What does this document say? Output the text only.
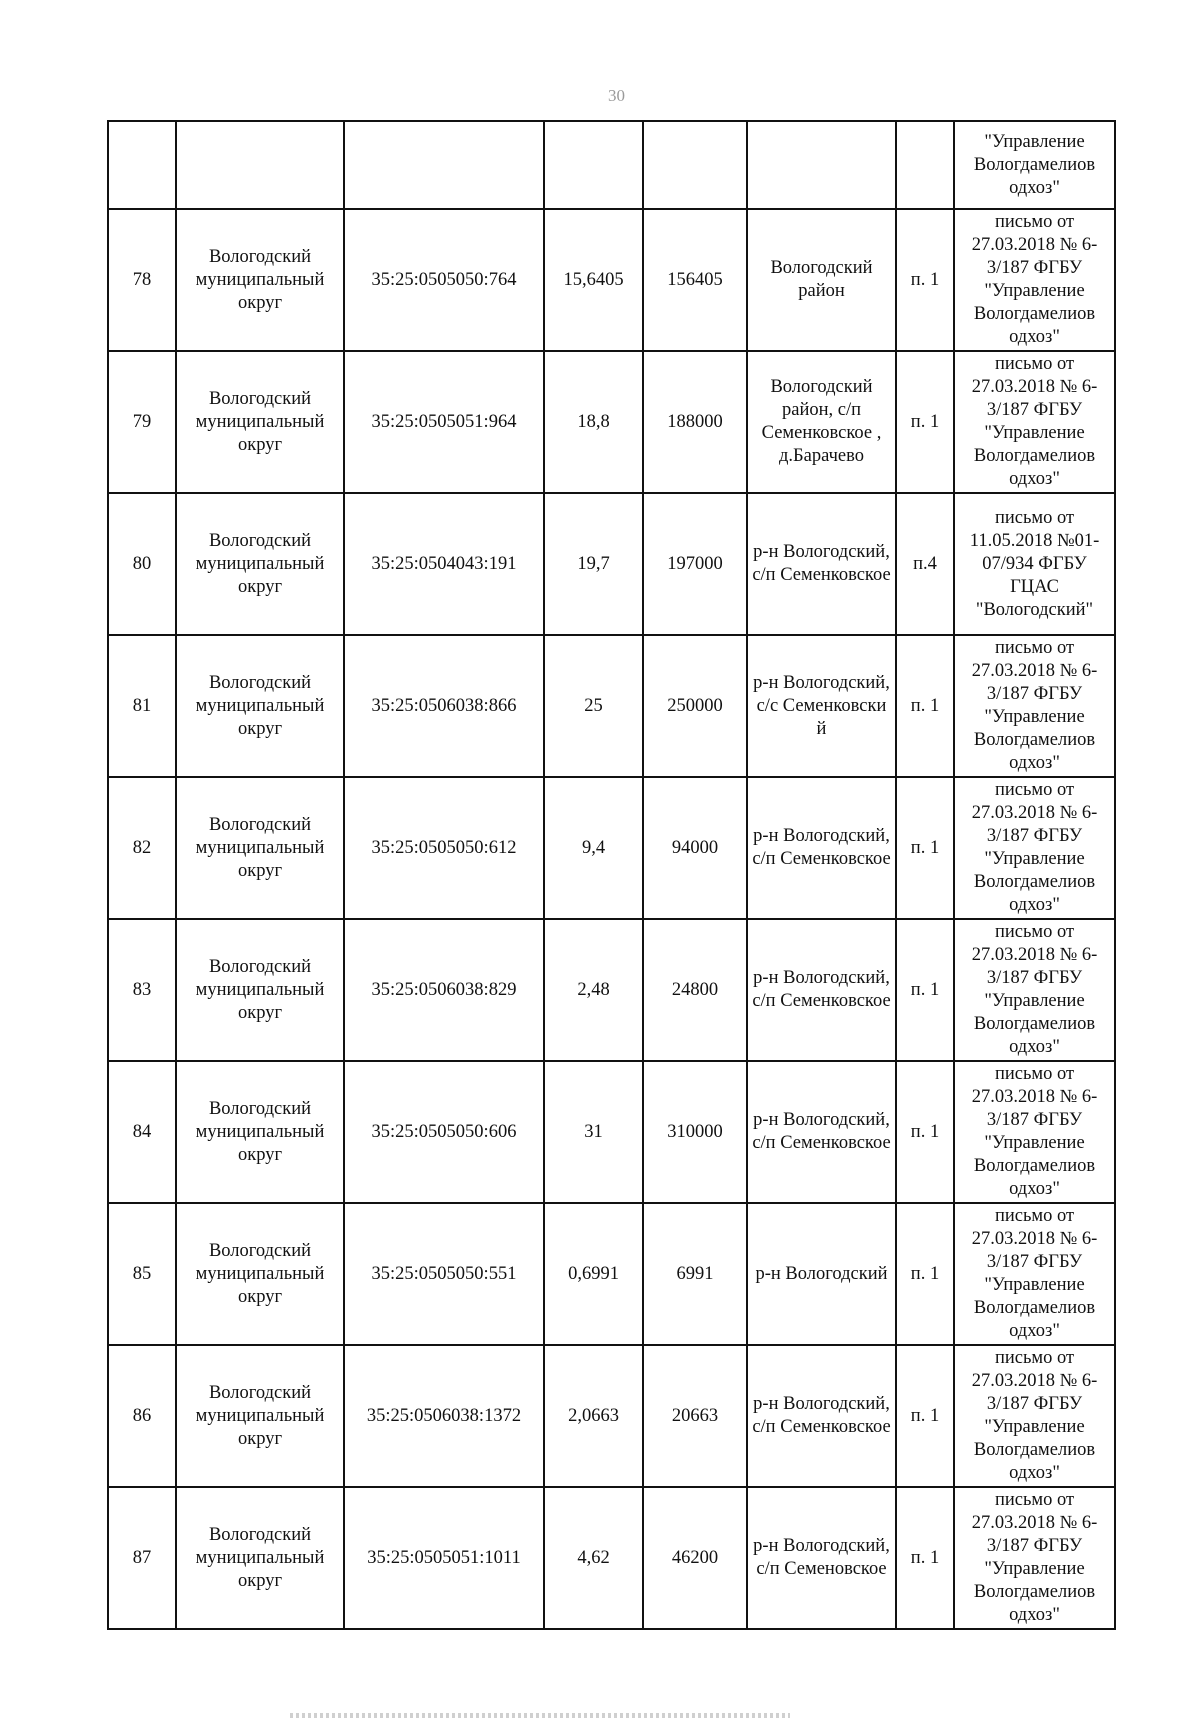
30
							"Управление Вологдамелиов одхоз"
78	Вологодский муниципальный округ	35:25:0505050:764	15,6405	156405	Вологодский район	п. 1	письмо от 27.03.2018 № 6-3/187 ФГБУ "Управление Вологдамелиов одхоз"
79	Вологодский муниципальный округ	35:25:0505051:964	18,8	188000	Вологодский район, с/п Семенковское , д.Барачево	п. 1	письмо от 27.03.2018 № 6-3/187 ФГБУ "Управление Вологдамелиов одхоз"
80	Вологодский муниципальный округ	35:25:0504043:191	19,7	197000	р-н Вологодский, с/п Семенковское	п.4	письмо от 11.05.2018 №01-07/934 ФГБУ ГЦАС "Вологодский"
81	Вологодский муниципальный округ	35:25:0506038:866	25	250000	р-н Вологодский, с/с Семенковски й	п. 1	письмо от 27.03.2018 № 6-3/187 ФГБУ "Управление Вологдамелиов одхоз"
82	Вологодский муниципальный округ	35:25:0505050:612	9,4	94000	р-н Вологодский, с/п Семенковское	п. 1	письмо от 27.03.2018 № 6-3/187 ФГБУ "Управление Вологдамелиов одхоз"
83	Вологодский муниципальный округ	35:25:0506038:829	2,48	24800	р-н Вологодский, с/п Семенковское	п. 1	письмо от 27.03.2018 № 6-3/187 ФГБУ "Управление Вологдамелиов одхоз"
84	Вологодский муниципальный округ	35:25:0505050:606	31	310000	р-н Вологодский, с/п Семенковское	п. 1	письмо от 27.03.2018 № 6-3/187 ФГБУ "Управление Вологдамелиов одхоз"
85	Вологодский муниципальный округ	35:25:0505050:551	0,6991	6991	р-н Вологодский	п. 1	письмо от 27.03.2018 № 6-3/187 ФГБУ "Управление Вологдамелиов одхоз"
86	Вологодский муниципальный округ	35:25:0506038:1372	2,0663	20663	р-н Вологодский, с/п Семенковское	п. 1	письмо от 27.03.2018 № 6-3/187 ФГБУ "Управление Вологдамелиов одхоз"
87	Вологодский муниципальный округ	35:25:0505051:1011	4,62	46200	р-н Вологодский, с/п Семеновское	п. 1	письмо от 27.03.2018 № 6-3/187 ФГБУ "Управление Вологдамелиов одхоз"
